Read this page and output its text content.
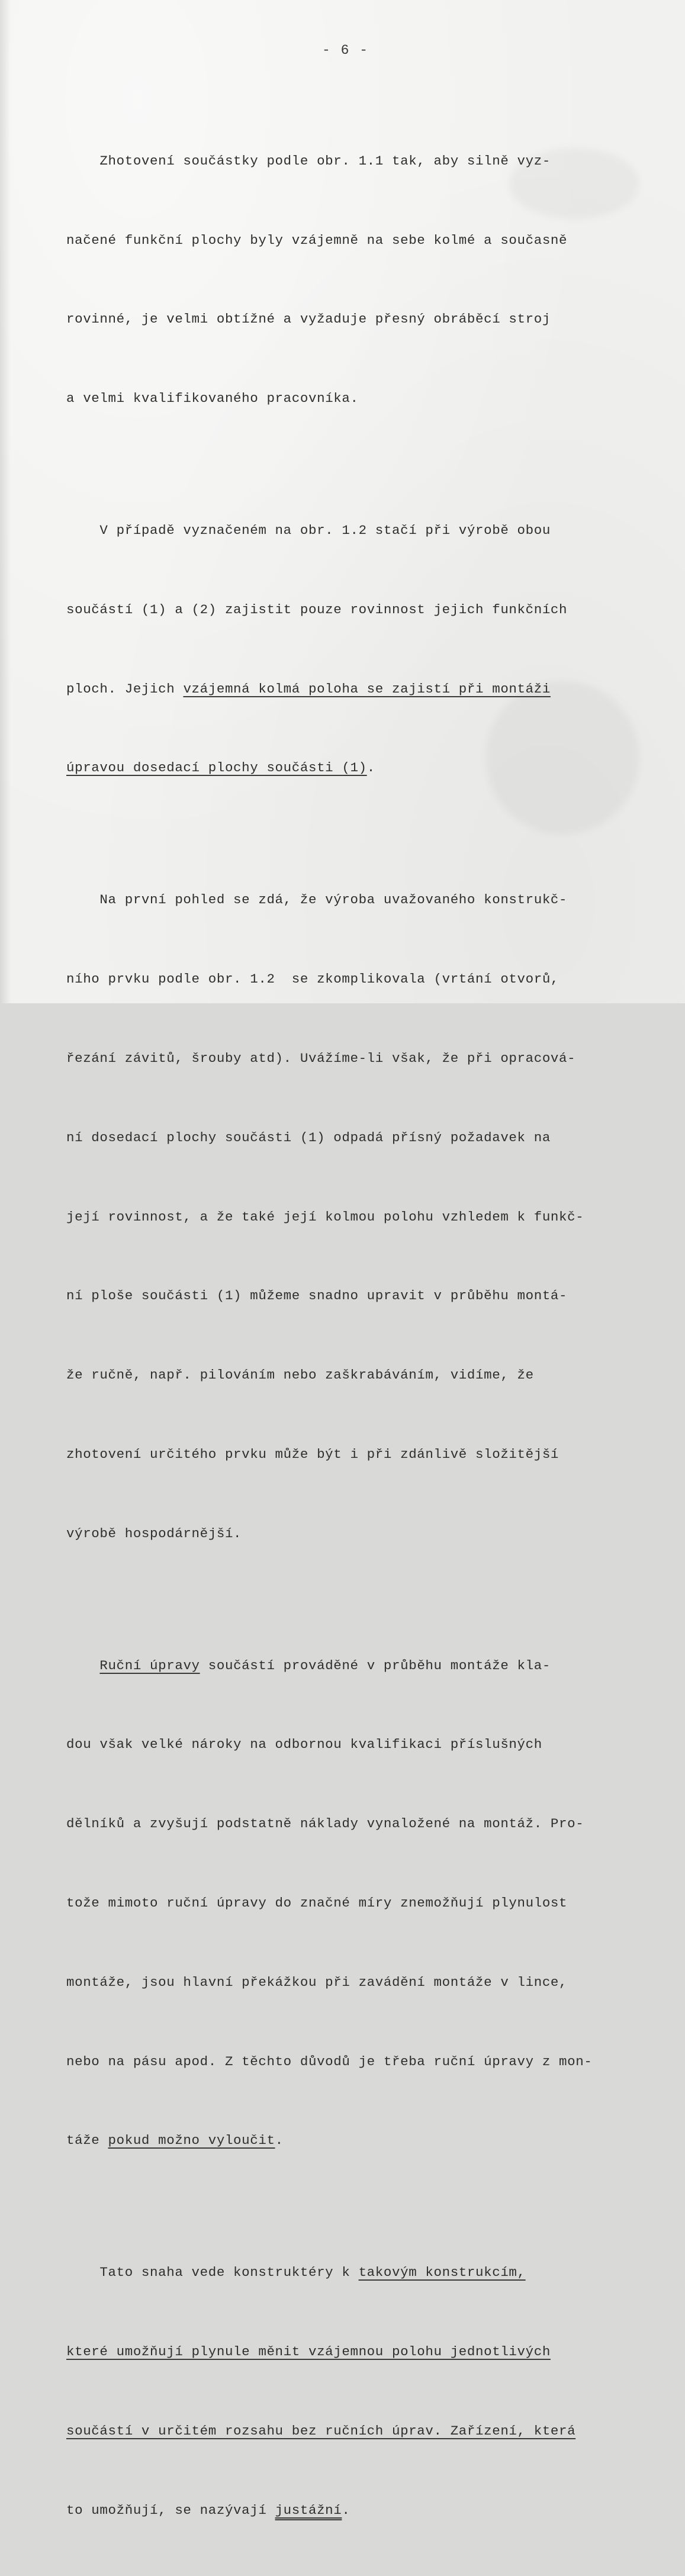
- 6 -

Zhotovení součástky podle obr. 1.1 tak, aby silně vyz-

načené funkční plochy byly vzájemně na sebe kolmé a současně

rovinné, je velmi obtížné a vyžaduje přesný obráběcí stroj

a velmi kvalifikovaného pracovníka.

V případě vyznačeném na obr. 1.2 stačí při výrobě obou

součástí (1) a (2) zajistit pouze rovinnost jejich funkčních

ploch. Jejich vzájemná kolmá poloha se zajistí při montáži

úpravou dosedací plochy součásti (1).

Na první pohled se zdá, že výroba uvažovaného konstrukč-

ního prvku podle obr. 1.2  se zkomplikovala (vrtání otvorů,

řezání závitů, šrouby atd). Uvážíme-li však, že při opracová-

ní dosedací plochy součásti (1) odpadá přísný požadavek na

její rovinnost, a že také její kolmou polohu vzhledem k funkč-

ní ploše součásti (1) můžeme snadno upravit v průběhu montá-

že ručně, např. pilováním nebo zaškrabáváním, vidíme, že

zhotovení určitého prvku může být i při zdánlivě složitější

výrobě hospodárnější.

Ruční úpravy součástí prováděné v průběhu montáže kla-

dou však velké nároky na odbornou kvalifikaci příslušných

dělníků a zvyšují podstatně náklady vynaložené na montáž. Pro-

tože mimoto ruční úpravy do značné míry znemožňují plynulost

montáže, jsou hlavní překážkou při zavádění montáže v lince,

nebo na pásu apod. Z těchto důvodů je třeba ruční úpravy z mon-

táže pokud možno vyloučit.

Tato snaha vede konstruktéry k takovým konstrukcím,

které umožňují plynule měnit vzájemnou polohu jednotlivých

součástí v určitém rozsahu bez ručních úprav. Zařízení, která

to umožňují, se nazývají justážní.
